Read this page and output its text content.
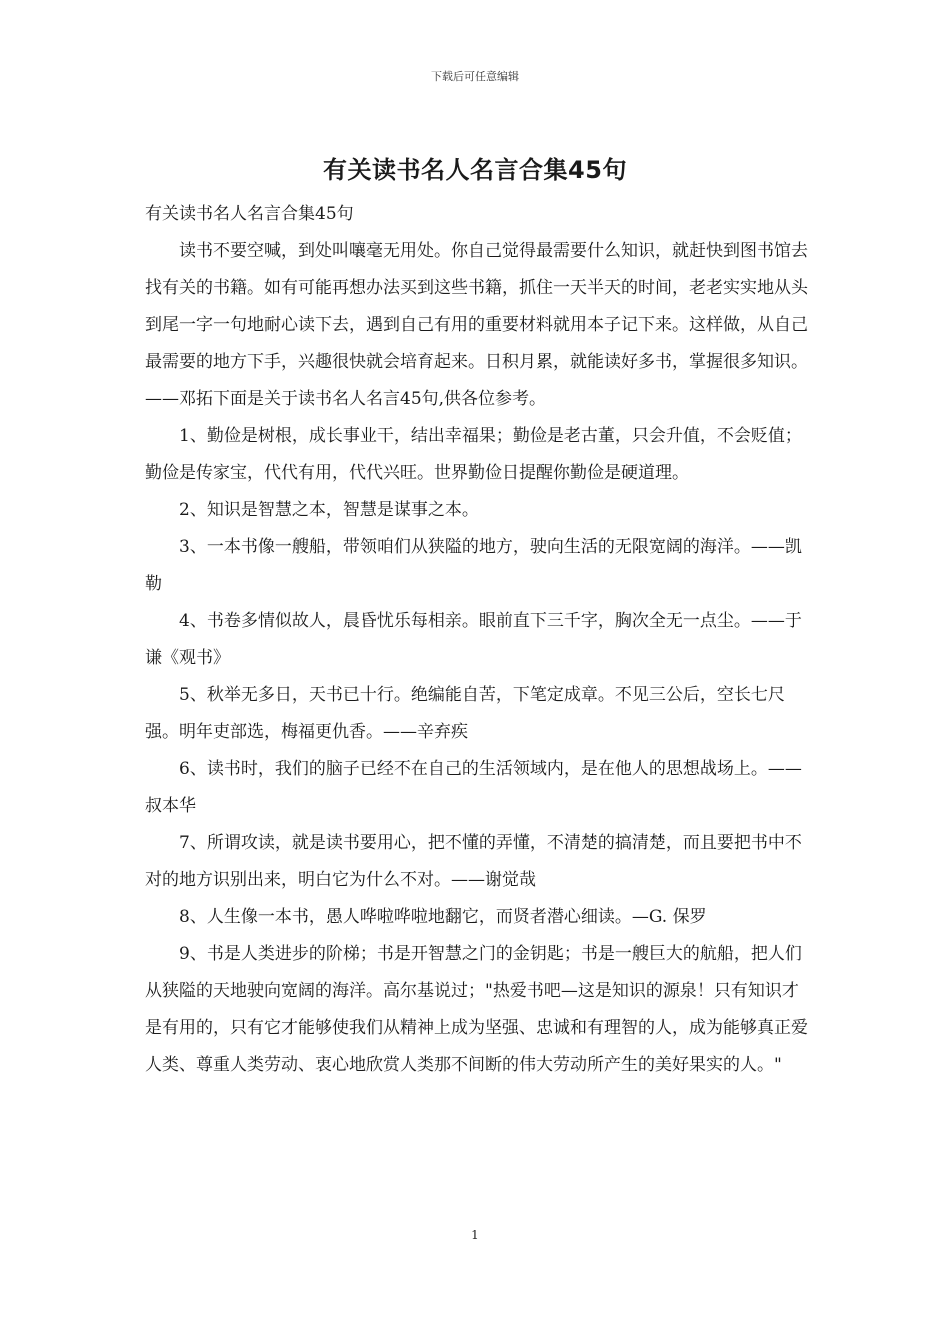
下载后可任意编辑
有关读书名人名言合集45句

有关读书名人名言合集45句

读书不要空喊，到处叫嚷毫无用处。你自己觉得最需要什么知识，就赶快到图书馆去找有关的书籍。如有可能再想办法买到这些书籍，抓住一天半天的时间，老老实实地从头到尾一字一句地耐心读下去，遇到自己有用的重要材料就用本子记下来。这样做，从自己最需要的地方下手，兴趣很快就会培育起来。日积月累，就能读好多书，掌握很多知识。——邓拓下面是关于读书名人名言45句,供各位参考。

1、勤俭是树根，成长事业干，结出幸福果；勤俭是老古董，只会升值，不会贬值；勤俭是传家宝，代代有用，代代兴旺。世界勤俭日提醒你勤俭是硬道理。

2、知识是智慧之本，智慧是谋事之本。

3、一本书像一艘船，带领咱们从狭隘的地方，驶向生活的无限宽阔的海洋。——凯勒

4、书卷多情似故人，晨昏忧乐每相亲。眼前直下三千字，胸次全无一点尘。——于谦《观书》

5、秋举无多日，天书已十行。绝编能自苦，下笔定成章。不见三公后，空长七尺强。明年吏部选，梅福更仇香。——辛弃疾

6、读书时，我们的脑子已经不在自己的生活领域内，是在他人的思想战场上。——叔本华

7、所谓攻读，就是读书要用心，把不懂的弄懂，不清楚的搞清楚，而且要把书中不对的地方识别出来，明白它为什么不对。——谢觉哉

8、人生像一本书，愚人哗啦哗啦地翻它，而贤者潜心细读。—G. 保罗

9、书是人类进步的阶梯；书是开智慧之门的金钥匙；书是一艘巨大的航船，把人们从狭隘的天地驶向宽阔的海洋。高尔基说过；"热爱书吧—这是知识的源泉！只有知识才是有用的，只有它才能够使我们从精神上成为坚强、忠诚和有理智的人，成为能够真正爱人类、尊重人类劳动、衷心地欣赏人类那不间断的伟大劳动所产生的美好果实的人。"

1
